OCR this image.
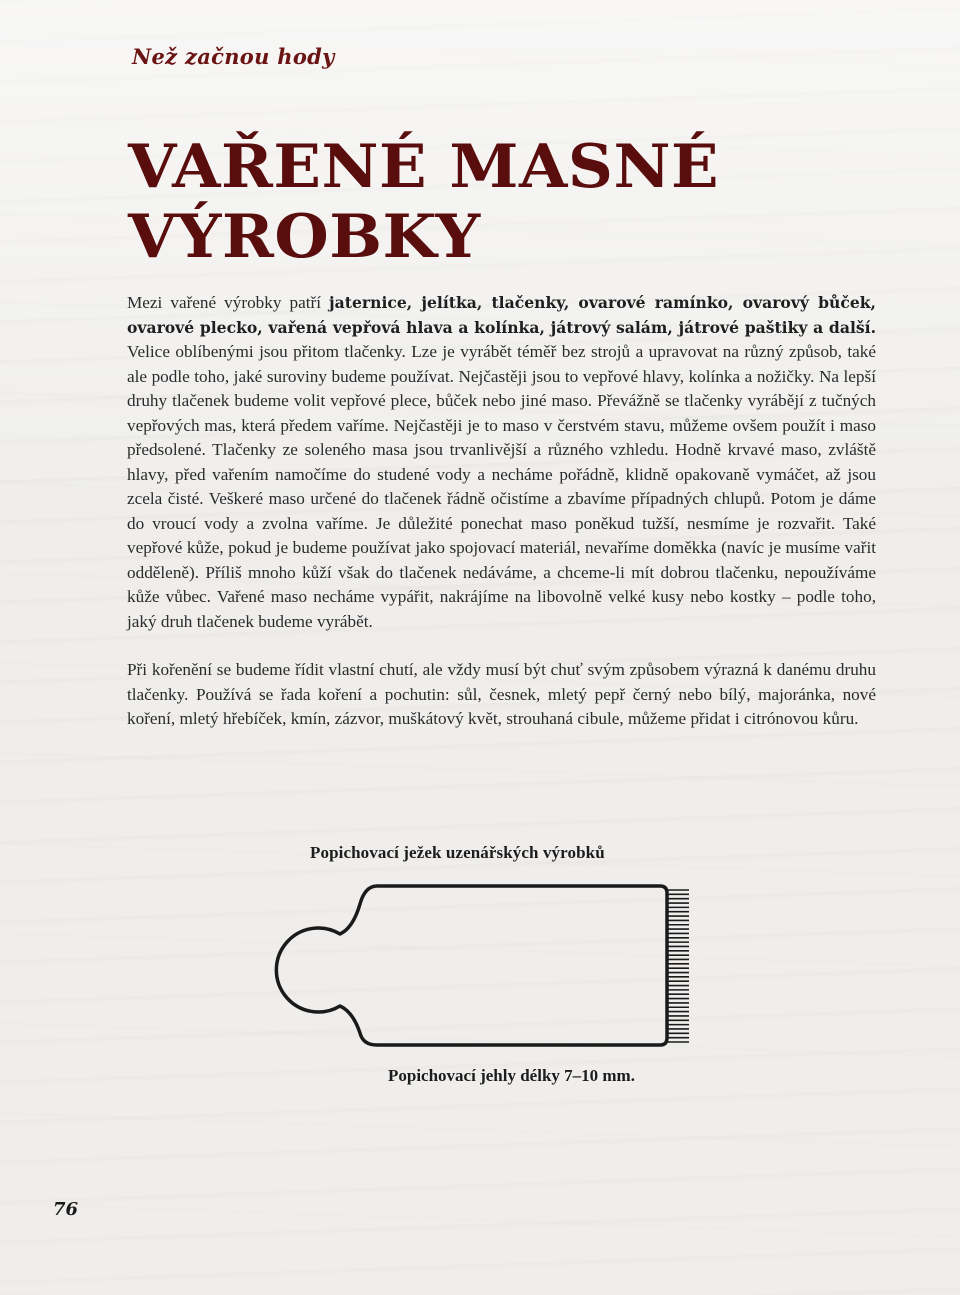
Než začnou hody
VAŘENÉ MASNÉ
VÝROBKY

Mezi vařené výrobky patří jaternice, jelítka, tlačenky, ovarové ramínko, ovarový bůček, ovarové plecko, vařená vepřová hlava a kolínka, játrový salám, játrové paštiky a další. Velice oblíbenými jsou přitom tlačenky. Lze je vyrábět téměř bez strojů a upravovat na různý způsob, také ale podle toho, jaké suroviny budeme používat. Nejčastěji jsou to vepřové hlavy, kolínka a nožičky. Na lepší druhy tlačenek budeme volit vepřové plece, bůček nebo jiné maso. Převážně se tlačenky vyrábějí z tučných vepřových mas, která předem vaříme. Nejčastěji je to maso v čerstvém stavu, můžeme ovšem použít i maso předsolené. Tlačenky ze soleného masa jsou trvanlivější a různého vzhledu. Hodně krvavé maso, zvláště hlavy, před vařením namočíme do studené vody a necháme pořádně, klidně opakovaně vymáčet, až jsou zcela čisté. Veškeré maso určené do tlačenek řádně očistíme a zbavíme případných chlupů. Potom je dáme do vroucí vody a zvolna vaříme. Je důležité ponechat maso poněkud tužší, nesmíme je rozvařit. Také vepřové kůže, pokud je budeme používat jako spojovací materiál, nevaříme doměkka (navíc je musíme vařit odděleně). Příliš mnoho kůží však do tlačenek nedáváme, a chceme-li mít dobrou tlačenku, nepoužíváme kůže vůbec. Vařené maso necháme vypářit, nakrájíme na libovolně velké kusy nebo kostky – podle toho, jaký druh tlačenek budeme vyrábět.

Při kořenění se budeme řídit vlastní chutí, ale vždy musí být chuť svým způsobem výrazná k danému druhu tlačenky. Používá se řada koření a pochutin: sůl, česnek, mletý pepř černý nebo bílý, majoránka, nové koření, mletý hřebíček, kmín, zázvor, muškátový květ, strouhaná cibule, můžeme přidat i citrónovou kůru.

Popichovací ježek uzenářských výrobků
Popichovací jehly délky 7–10 mm.
76
